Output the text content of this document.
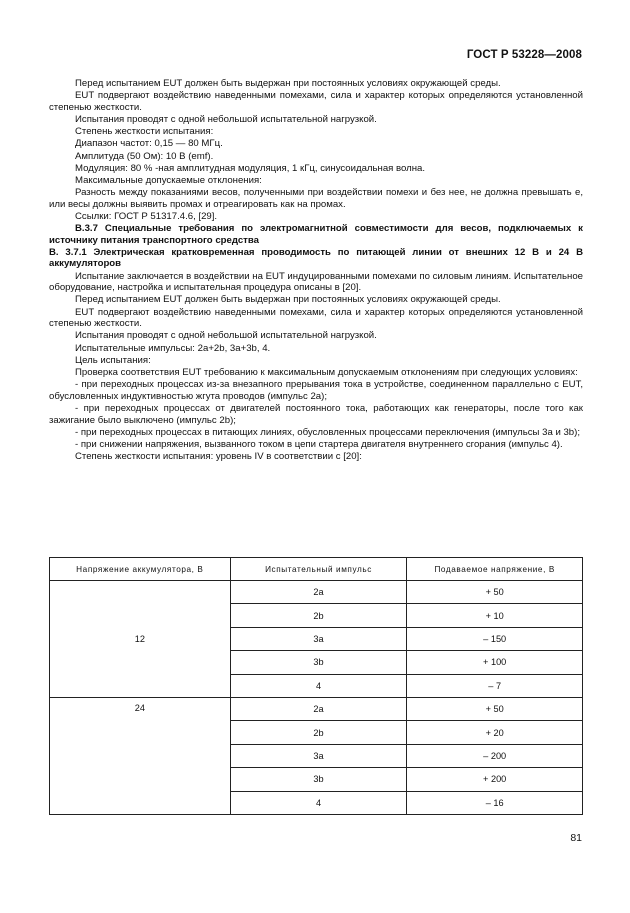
ГОСТ Р 53228—2008

Перед испытанием EUT должен быть выдержан при постоянных условиях окружающей среды.

EUT подвергают воздействию наведенными помехами, сила и характер которых определяются установленной степенью жесткости.

Испытания проводят с одной небольшой испытательной нагрузкой.

Степень жесткости испытания:

Диапазон частот: 0,15 — 80 МГц.

Амплитуда (50 Ом): 10 В (emf).

Модуляция: 80 % -ная амплитудная модуляция, 1 кГц, синусоидальная волна.

Максимальные допускаемые отклонения:

Разность между показаниями весов, полученными при воздействии помехи и без нее, не должна превышать e, или весы должны выявить промах и отреагировать как на промах.

Ссылки: ГОСТ Р 51317.4.6, [29].

В.3.7 Специальные требования по электромагнитной совместимости для весов, подключаемых к источнику питания транспортного средства

В. 3.7.1 Электрическая кратковременная проводимость по питающей линии от внешних 12 В и 24 В аккумуляторов

Испытание заключается в воздействии на EUT индуцированными помехами по силовым линиям. Испытательное оборудование, настройка и испытательная процедура описаны в [20].

Перед испытанием EUT должен быть выдержан при постоянных условиях окружающей среды.

EUT подвергают воздействию наведенными помехами, сила и характер которых определяются установленной степенью жесткости.

Испытания проводят с одной небольшой испытательной нагрузкой.

Испытательные импульсы: 2а+2b, 3а+3b, 4.

Цель испытания:

Проверка соответствия EUT требованию к максимальным допускаемым отклонениям при следующих условиях:

- при переходных процессах из-за внезапного прерывания тока в устройстве, соединенном параллельно с EUT, обусловленных индуктивностью жгута проводов (импульс 2а);

- при переходных процессах от двигателей постоянного тока, работающих как генераторы, после того как зажигание было выключено (импульс 2b);

- при переходных процессах в питающих линиях, обусловленных процессами переключения (импульсы 3а и 3b);

- при снижении напряжения, вызванного током в цепи стартера двигателя внутреннего сгорания (импульс 4).

Степень жесткости испытания: уровень IV в соответствии с [20]:

Напряжение аккумулятора, В	Испытательный импульс	Подаваемое напряжение, В
12	2a	+ 50
	2b	+ 10
	3a	– 150
	3b	+ 100
	4	– 7
24	2a	+ 50
	2b	+ 20
	3a	– 200
	3b	+ 200
	4	– 16
81
